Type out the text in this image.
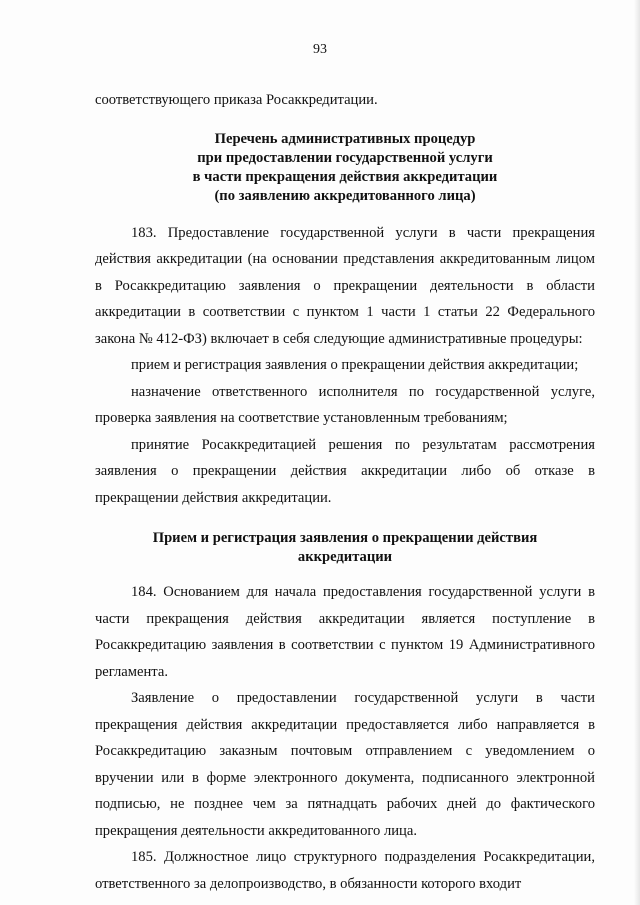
93

соответствующего приказа Росаккредитации.

Перечень административных процедур
при предоставлении государственной услуги
в части прекращения действия аккредитации
(по заявлению аккредитованного лица)

183. Предоставление государственной услуги в части прекращения действия аккредитации (на основании представления аккредитованным лицом в Росаккредитацию заявления о прекращении деятельности в области аккредитации в соответствии с пунктом 1 части 1 статьи 22 Федерального закона № 412-ФЗ) включает в себя следующие административные процедуры:

прием и регистрация заявления о прекращении действия аккредитации;

назначение ответственного исполнителя по государственной услуге, проверка заявления на соответствие установленным требованиям;

принятие Росаккредитацией решения по результатам рассмотрения заявления о прекращении действия аккредитации либо об отказе в прекращении действия аккредитации.

Прием и регистрация заявления о прекращении действия
аккредитации

184. Основанием для начала предоставления государственной услуги в части прекращения действия аккредитации является поступление в Росаккредитацию заявления в соответствии с пунктом 19 Административного регламента.

Заявление о предоставлении государственной услуги в части прекращения действия аккредитации предоставляется либо направляется в Росаккредитацию заказным почтовым отправлением с уведомлением о вручении или в форме электронного документа, подписанного электронной подписью, не позднее чем за пятнадцать рабочих дней до фактического прекращения деятельности аккредитованного лица.

185. Должностное лицо структурного подразделения Росаккредитации, ответственного за делопроизводство, в обязанности которого входит
